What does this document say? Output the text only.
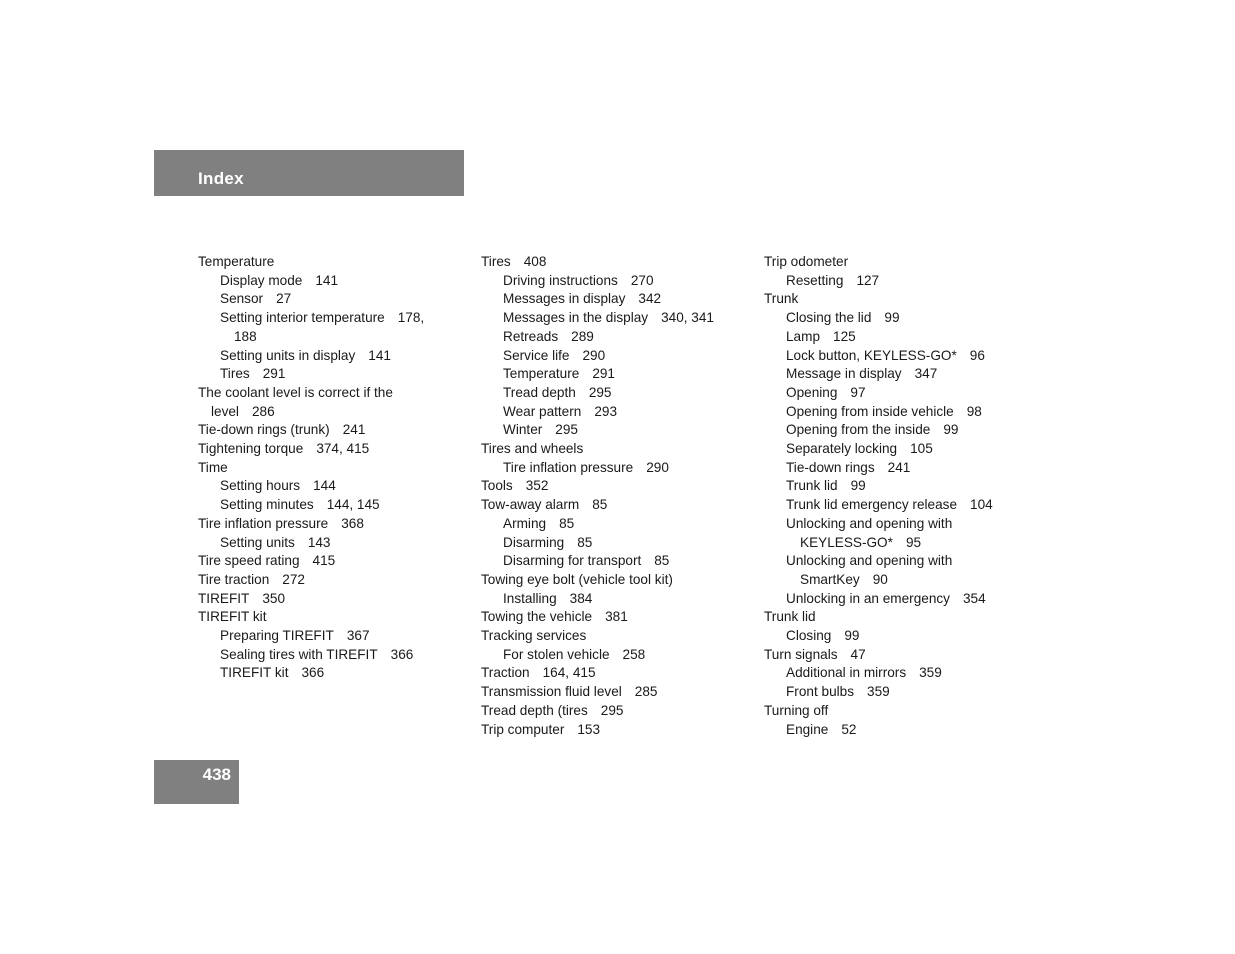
Index
Temperature
Display mode 141
Sensor 27
Setting interior temperature 178,
188
Setting units in display 141
Tires 291
The coolant level is correct if the
level 286
Tie-down rings (trunk) 241
Tightening torque 374, 415
Time
Setting hours 144
Setting minutes 144, 145
Tire inflation pressure 368
Setting units 143
Tire speed rating 415
Tire traction 272
TIREFIT 350
TIREFIT kit
Preparing TIREFIT 367
Sealing tires with TIREFIT 366
TIREFIT kit 366
Tires 408
Driving instructions 270
Messages in display 342
Messages in the display 340, 341
Retreads 289
Service life 290
Temperature 291
Tread depth 295
Wear pattern 293
Winter 295
Tires and wheels
Tire inflation pressure 290
Tools 352
Tow-away alarm 85
Arming 85
Disarming 85
Disarming for transport 85
Towing eye bolt (vehicle tool kit)
Installing 384
Towing the vehicle 381
Tracking services
For stolen vehicle 258
Traction 164, 415
Transmission fluid level 285
Tread depth (tires 295
Trip computer 153
Trip odometer
Resetting 127
Trunk
Closing the lid 99
Lamp 125
Lock button, KEYLESS-GO* 96
Message in display 347
Opening 97
Opening from inside vehicle 98
Opening from the inside 99
Separately locking 105
Tie-down rings 241
Trunk lid 99
Trunk lid emergency release 104
Unlocking and opening with
KEYLESS-GO* 95
Unlocking and opening with
SmartKey 90
Unlocking in an emergency 354
Trunk lid
Closing 99
Turn signals 47
Additional in mirrors 359
Front bulbs 359
Turning off
Engine 52
438
